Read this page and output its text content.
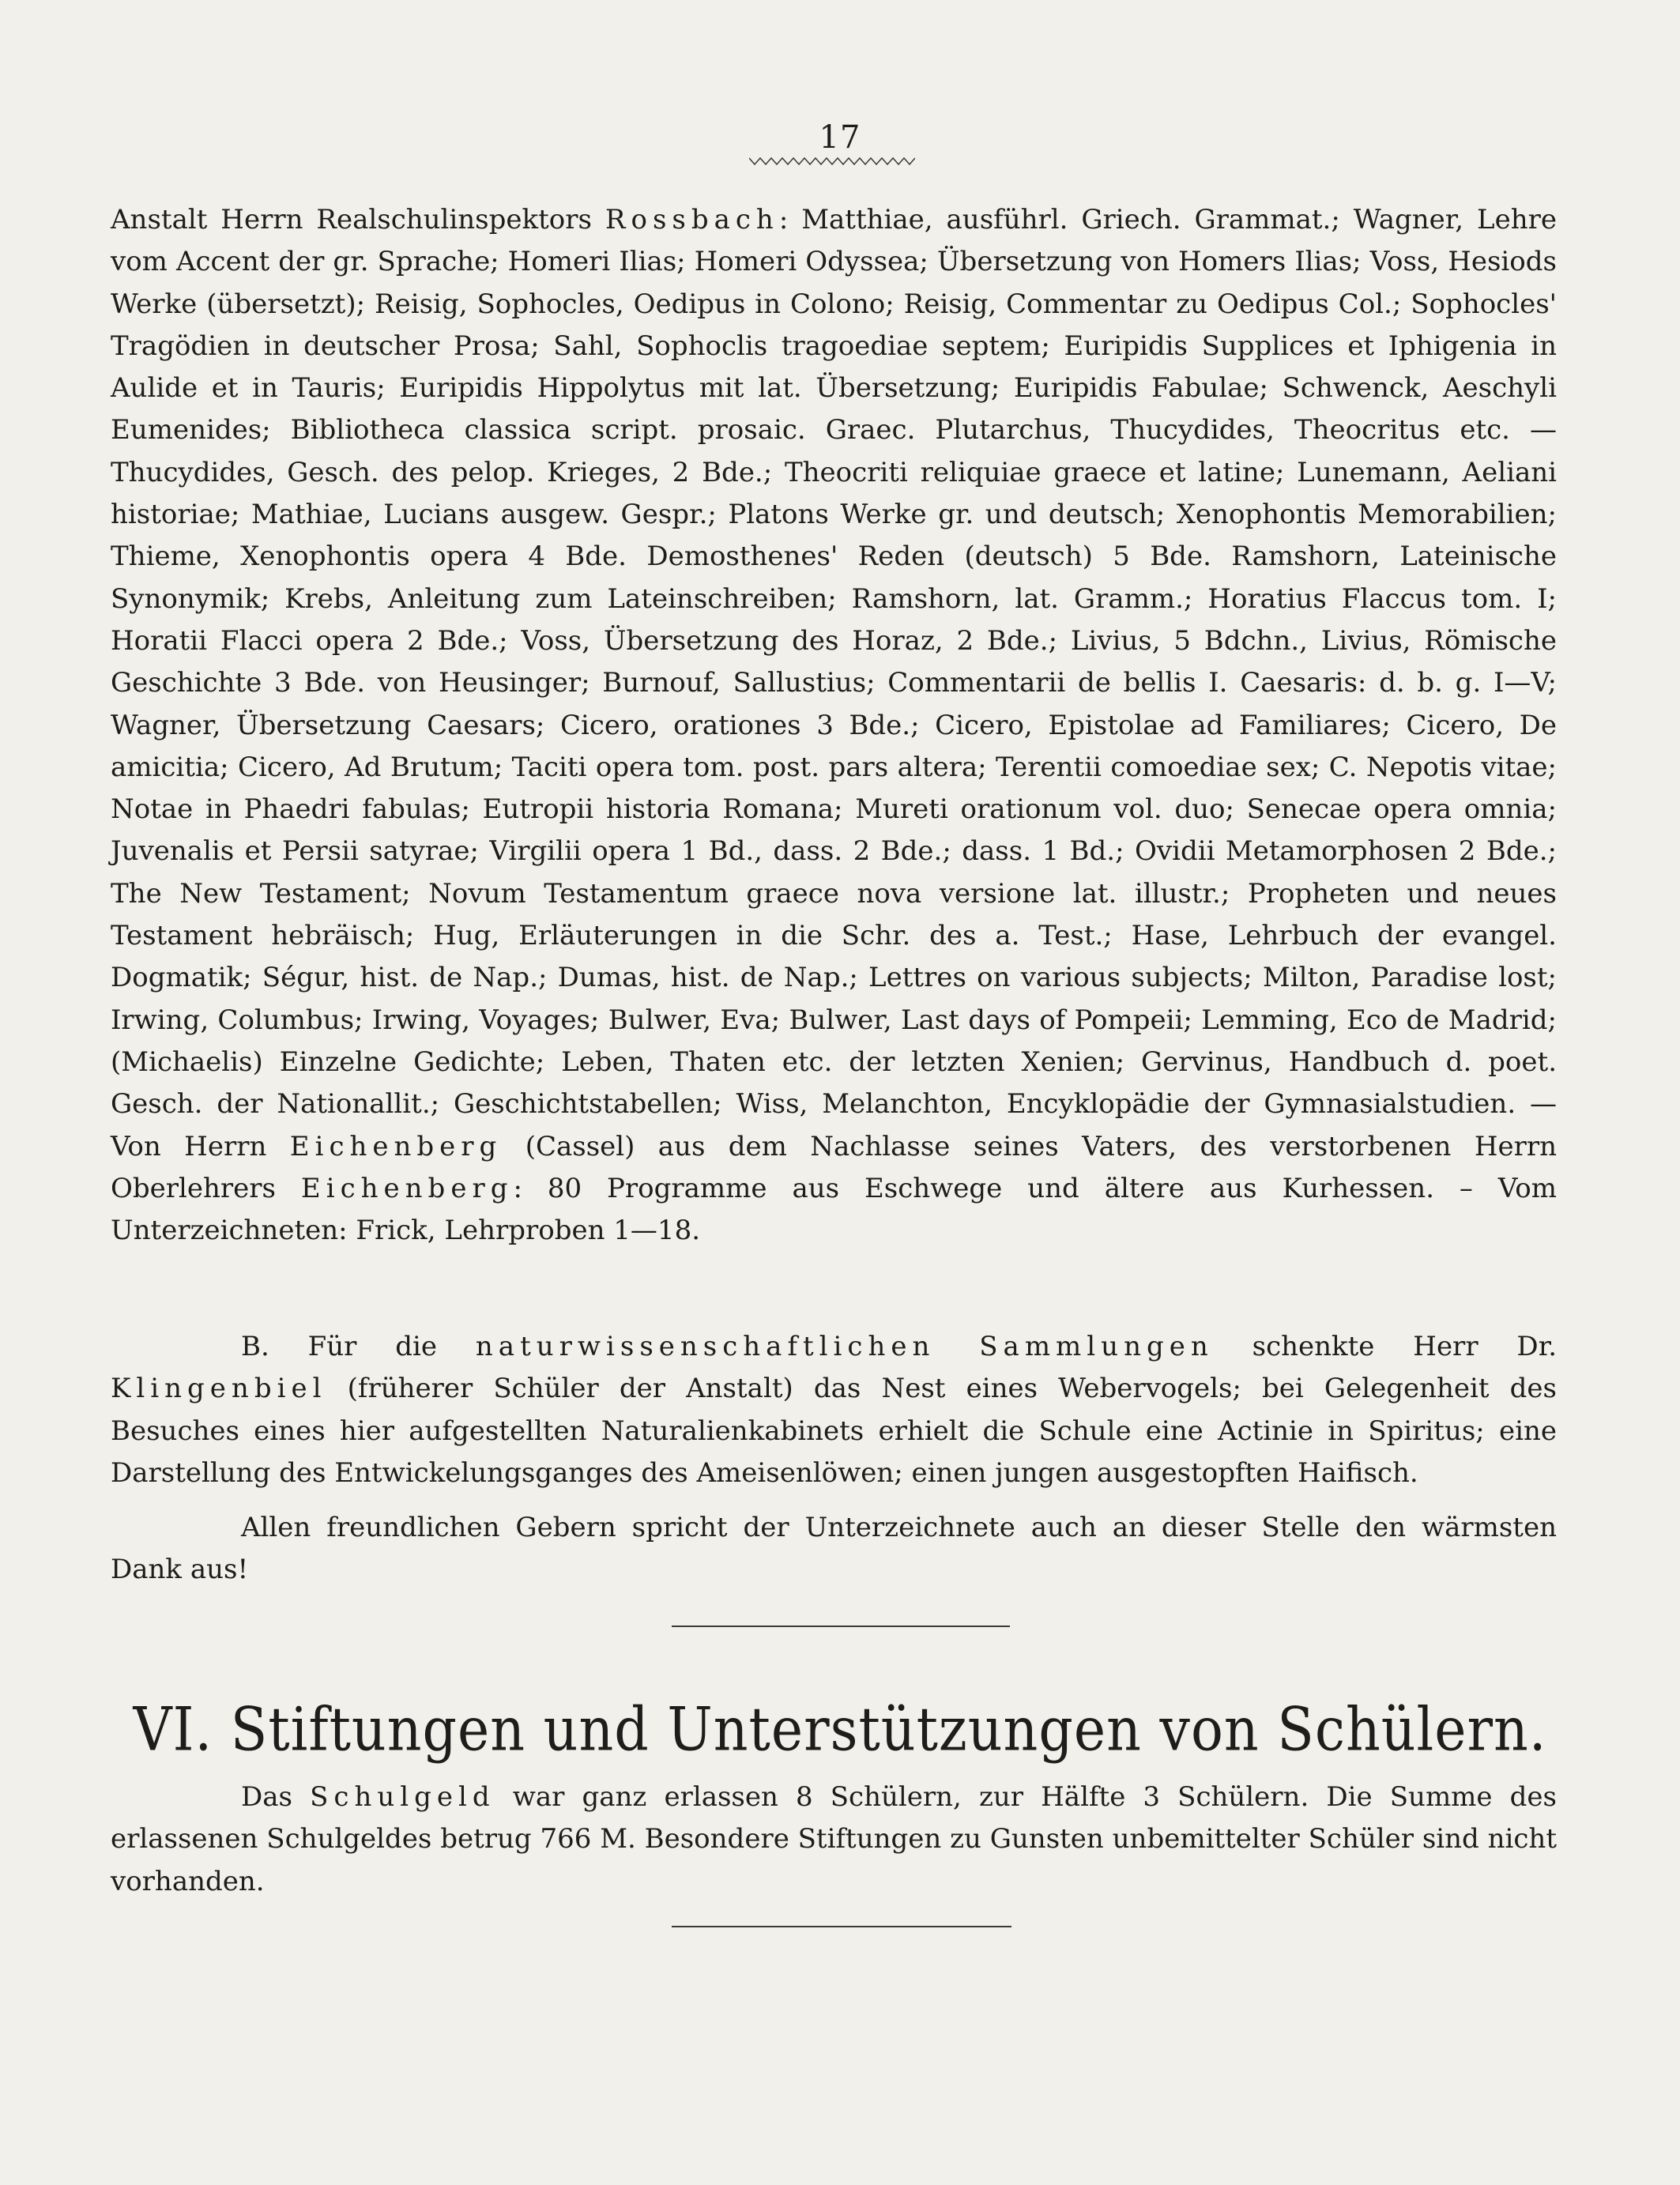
17

Anstalt Herrn Realschulinspektors Rossbach: Matthiae, ausführl. Griech. Grammat.; Wagner, Lehre vom Accent der gr. Sprache; Homeri Ilias; Homeri Odyssea; Übersetzung von Homers Ilias; Voss, Hesiods Werke (übersetzt); Reisig, Sophocles, Oedipus in Colono; Reisig, Commentar zu Oedipus Col.; Sophocles' Tragödien in deutscher Prosa; Sahl, Sophoclis tragoediae septem; Euripidis Supplices et Iphigenia in Aulide et in Tauris; Euripidis Hippolytus mit lat. Übersetzung; Euripidis Fabulae; Schwenck, Aeschyli Eumenides; Bibliotheca classica script. prosaic. Graec. Plutarchus, Thucydides, Theocritus etc. — Thucydides, Gesch. des pelop. Krieges, 2 Bde.; Theocriti reliquiae graece et latine; Lunemann, Aeliani historiae; Mathiae, Lucians ausgew. Gespr.; Platons Werke gr. und deutsch; Xenophontis Memorabilien; Thieme, Xenophontis opera 4 Bde. Demosthenes' Reden (deutsch) 5 Bde. Ramshorn, Lateinische Synonymik; Krebs, Anleitung zum Lateinschreiben; Ramshorn, lat. Gramm.; Horatius Flaccus tom. I; Horatii Flacci opera 2 Bde.; Voss, Übersetzung des Horaz, 2 Bde.; Livius, 5 Bdchn., Livius, Römische Geschichte 3 Bde. von Heusinger; Burnouf, Sallustius; Commentarii de bellis I. Caesaris: d. b. g. I—V; Wagner, Übersetzung Caesars; Cicero, orationes 3 Bde.; Cicero, Epistolae ad Familiares; Cicero, De amicitia; Cicero, Ad Brutum; Taciti opera tom. post. pars altera; Terentii comoediae sex; C. Nepotis vitae; Notae in Phaedri fabulas; Eutropii historia Romana; Mureti orationum vol. duo; Senecae opera omnia; Juvenalis et Persii satyrae; Virgilii opera 1 Bd., dass. 2 Bde.; dass. 1 Bd.; Ovidii Metamorphosen 2 Bde.; The New Testament; Novum Testamentum graece nova versione lat. illustr.; Propheten und neues Testament hebräisch; Hug, Erläuterungen in die Schr. des a. Test.; Hase, Lehrbuch der evangel. Dogmatik; Ségur, hist. de Nap.; Dumas, hist. de Nap.; Lettres on various subjects; Milton, Paradise lost; Irwing, Columbus; Irwing, Voyages; Bulwer, Eva; Bulwer, Last days of Pompeii; Lemming, Eco de Madrid; (Michaelis) Einzelne Gedichte; Leben, Thaten etc. der letzten Xenien; Gervinus, Handbuch d. poet. Gesch. der Nationallit.; Geschichtstabellen; Wiss, Melanchton, Encyklopädie der Gymnasialstudien. — Von Herrn Eichenberg (Cassel) aus dem Nachlasse seines Vaters, des verstorbenen Herrn Oberlehrers Eichenberg: 80 Programme aus Eschwege und ältere aus Kurhessen. – Vom Unterzeichneten: Frick, Lehrproben 1—18.

B. Für die naturwissenschaftlichen Sammlungen schenkte Herr Dr. Klingenbiel (früherer Schüler der Anstalt) das Nest eines Webervogels; bei Gelegenheit des Besuches eines hier aufgestellten Naturalienkabinets erhielt die Schule eine Actinie in Spiritus; eine Darstellung des Entwickelungsganges des Ameisenlöwen; einen jungen ausgestopften Haifisch.

Allen freundlichen Gebern spricht der Unterzeichnete auch an dieser Stelle den wärmsten Dank aus!

VI. Stiftungen und Unterstützungen von Schülern.

Das Schulgeld war ganz erlassen 8 Schülern, zur Hälfte 3 Schülern. Die Summe des erlassenen Schulgeldes betrug 766 M. Besondere Stiftungen zu Gunsten unbemittelter Schüler sind nicht vorhanden.
